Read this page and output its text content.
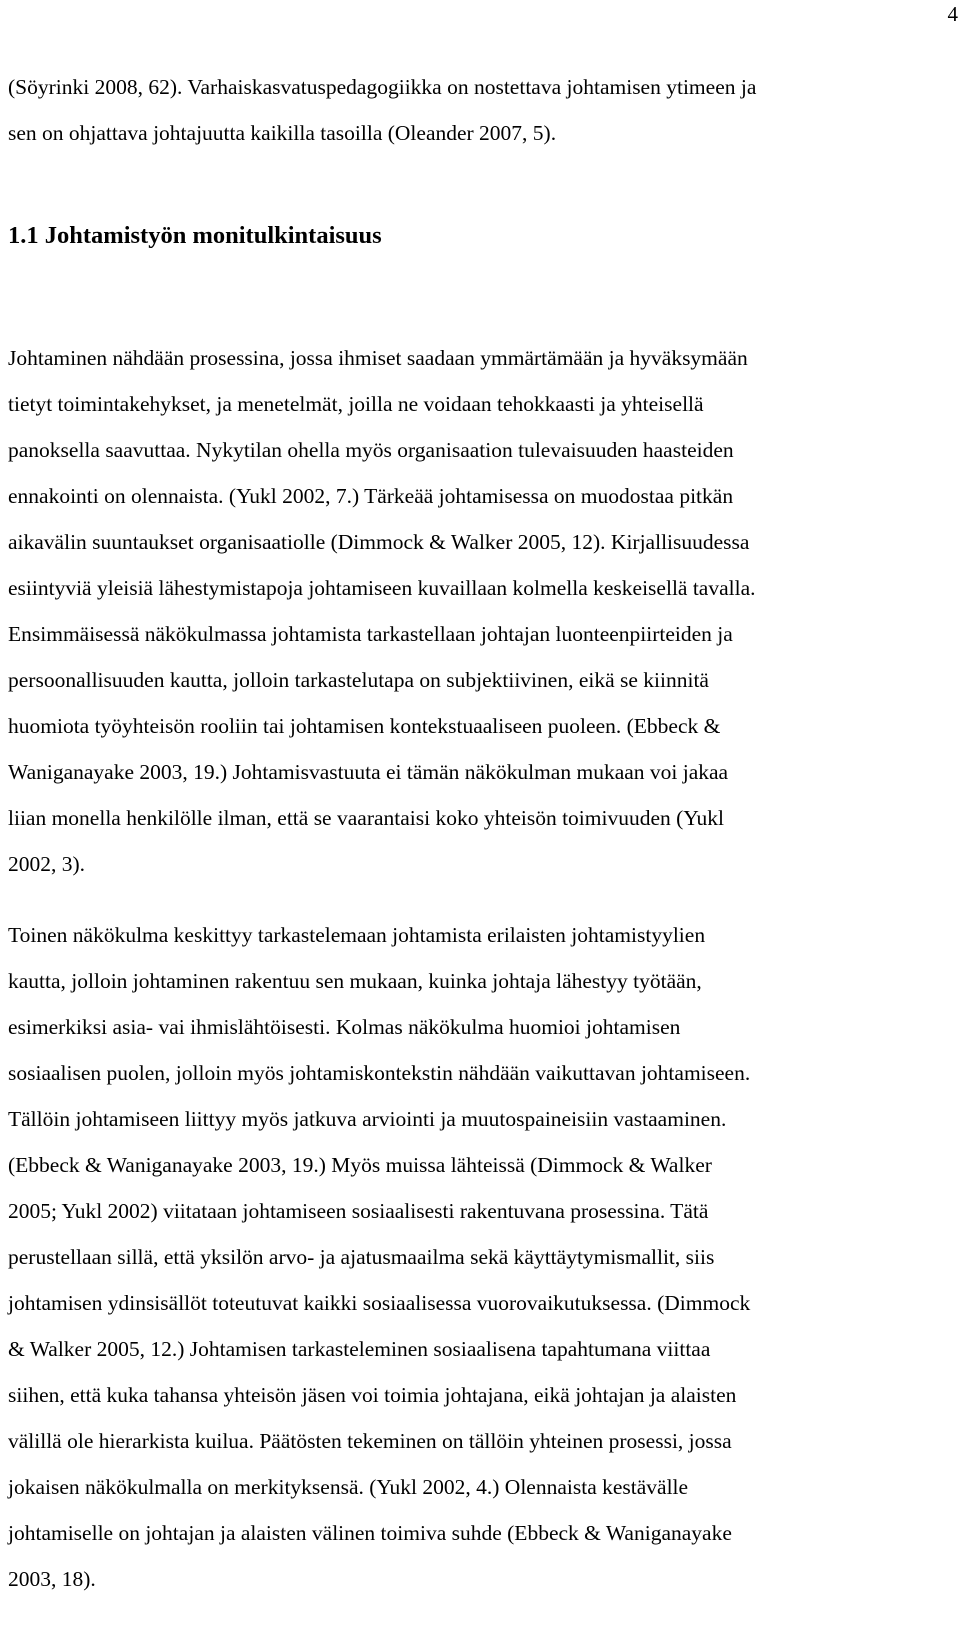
4
(Söyrinki 2008, 62). Varhaiskasvatuspedagogiikka on nostettava johtamisen ytimeen ja
sen on ohjattava johtajuutta kaikilla tasoilla (Oleander 2007, 5).
1.1 Johtamistyön monitulkintaisuus
Johtaminen nähdään prosessina, jossa ihmiset saadaan ymmärtämään ja hyväksymään
tietyt toimintakehykset, ja menetelmät, joilla ne voidaan tehokkaasti ja yhteisellä
panoksella saavuttaa. Nykytilan ohella myös organisaation tulevaisuuden haasteiden
ennakointi on olennaista. (Yukl 2002, 7.) Tärkeää johtamisessa on muodostaa pitkän
aikavälin suuntaukset organisaatiolle (Dimmock & Walker 2005, 12). Kirjallisuudessa
esiintyviä yleisiä lähestymistapoja johtamiseen kuvaillaan kolmella keskeisellä tavalla.
Ensimmäisessä näkökulmassa johtamista tarkastellaan johtajan luonteenpiirteiden ja
persoonallisuuden kautta, jolloin tarkastelutapa on subjektiivinen, eikä se kiinnitä
huomiota työyhteisön rooliin tai johtamisen kontekstuaaliseen puoleen. (Ebbeck &
Waniganayake 2003, 19.) Johtamisvastuuta ei tämän näkökulman mukaan voi jakaa
liian monella henkilölle ilman, että se vaarantaisi koko yhteisön toimivuuden (Yukl
2002, 3).
Toinen näkökulma keskittyy tarkastelemaan johtamista erilaisten johtamistyylien
kautta, jolloin johtaminen rakentuu sen mukaan, kuinka johtaja lähestyy työtään,
esimerkiksi asia- vai ihmislähtöisesti. Kolmas näkökulma huomioi johtamisen
sosiaalisen puolen, jolloin myös johtamiskontekstin nähdään vaikuttavan johtamiseen.
Tällöin johtamiseen liittyy myös jatkuva arviointi ja muutospaineisiin vastaaminen.
(Ebbeck & Waniganayake 2003, 19.) Myös muissa lähteissä (Dimmock & Walker
2005; Yukl 2002) viitataan johtamiseen sosiaalisesti rakentuvana prosessina. Tätä
perustellaan sillä, että yksilön arvo- ja ajatusmaailma sekä käyttäytymismallit, siis
johtamisen ydinsisällöt toteutuvat kaikki sosiaalisessa vuorovaikutuksessa. (Dimmock
& Walker 2005, 12.) Johtamisen tarkasteleminen sosiaalisena tapahtumana viittaa
siihen, että kuka tahansa yhteisön jäsen voi toimia johtajana, eikä johtajan ja alaisten
välillä ole hierarkista kuilua. Päätösten tekeminen on tällöin yhteinen prosessi, jossa
jokaisen näkökulmalla on merkityksensä. (Yukl 2002, 4.) Olennaista kestävälle
johtamiselle on johtajan ja alaisten välinen toimiva suhde (Ebbeck & Waniganayake
2003, 18).
